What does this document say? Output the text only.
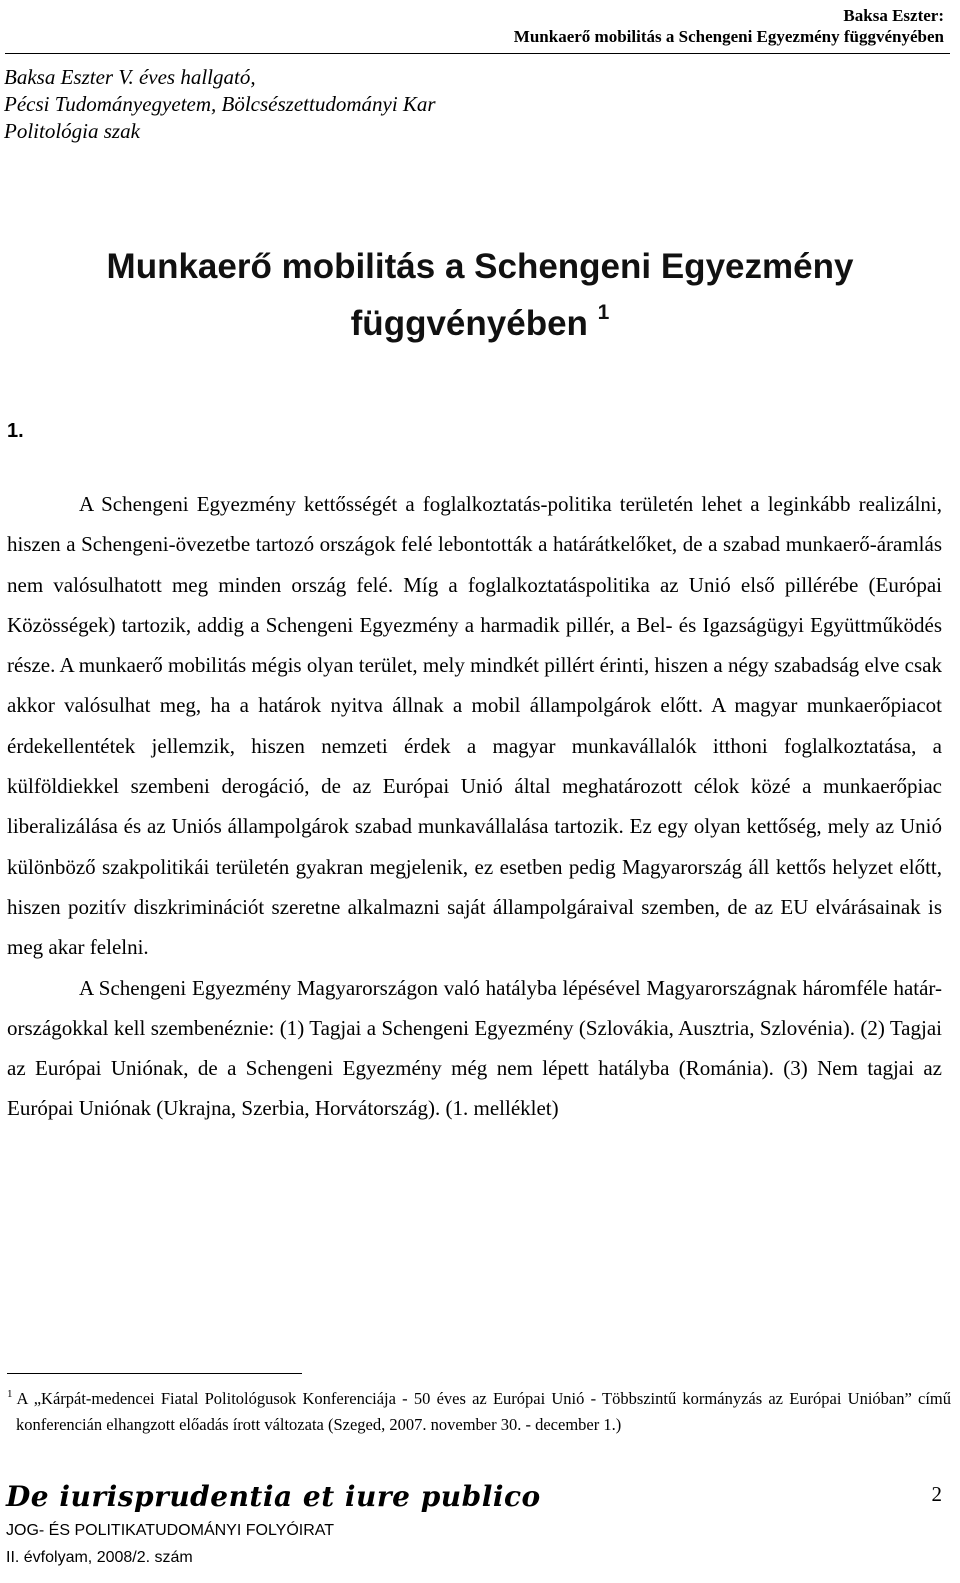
Baksa Eszter:
Munkaerő mobilitás a Schengeni Egyezmény függvényében
Baksa Eszter V. éves hallgató,
Pécsi Tudományegyetem, Bölcsészettudományi Kar
Politológia szak
Munkaerő mobilitás a Schengeni Egyezmény
függvényében $^1$
1.

A Schengeni Egyezmény kettősségét a foglalkoztatás-politika területén lehet a leginkább realizálni, hiszen a Schengeni-övezetbe tartozó országok felé lebontották a határátkelőket, de a szabad munkaerő-áramlás nem valósulhatott meg minden ország felé. Míg a foglalkoztatáspolitika az Unió első pillérébe (Európai Közösségek) tartozik, addig a Schengeni Egyezmény a harmadik pillér, a Bel- és Igazságügyi Együttműködés része. A munkaerő mobilitás mégis olyan terület, mely mindkét pillért érinti, hiszen a négy szabadság elve csak akkor valósulhat meg, ha a határok nyitva állnak a mobil állampolgárok előtt. A magyar munkaerőpiacot érdekellentétek jellemzik, hiszen nemzeti érdek a magyar munkavállalók itthoni foglalkoztatása, a külföldiekkel szembeni derogáció, de az Európai Unió által meghatározott célok közé a munkaerőpiac liberalizálása és az Uniós állampolgárok szabad munkavállalása tartozik. Ez egy olyan kettőség, mely az Unió különböző szakpolitikái területén gyakran megjelenik, ez esetben pedig Magyarország áll kettős helyzet előtt, hiszen pozitív diszkriminációt szeretne alkalmazni saját állampolgáraival szemben, de az EU elvárásainak is meg akar felelni.

A Schengeni Egyezmény Magyarországon való hatályba lépésével Magyarországnak háromféle határ-országokkal kell szembenéznie: (1) Tagjai a Schengeni Egyezmény (Szlovákia, Ausztria, Szlovénia). (2) Tagjai az Európai Uniónak, de a Schengeni Egyezmény még nem lépett hatályba (Románia). (3) Nem tagjai az Európai Uniónak (Ukrajna, Szerbia, Horvátország). (1. melléklet)

$^1$ A „Kárpát-medencei Fiatal Politológusok Konferenciája - 50 éves az Európai Unió - Többszintű kormányzás az Európai Unióban” című konferencián elhangzott előadás írott változata (Szeged, 2007. november 30. - december 1.)
De iurisprudentia et iure publico	2
JOG- ÉS POLITIKATUDOMÁNYI FOLYÓIRAT
II. évfolyam, 2008/2. szám
